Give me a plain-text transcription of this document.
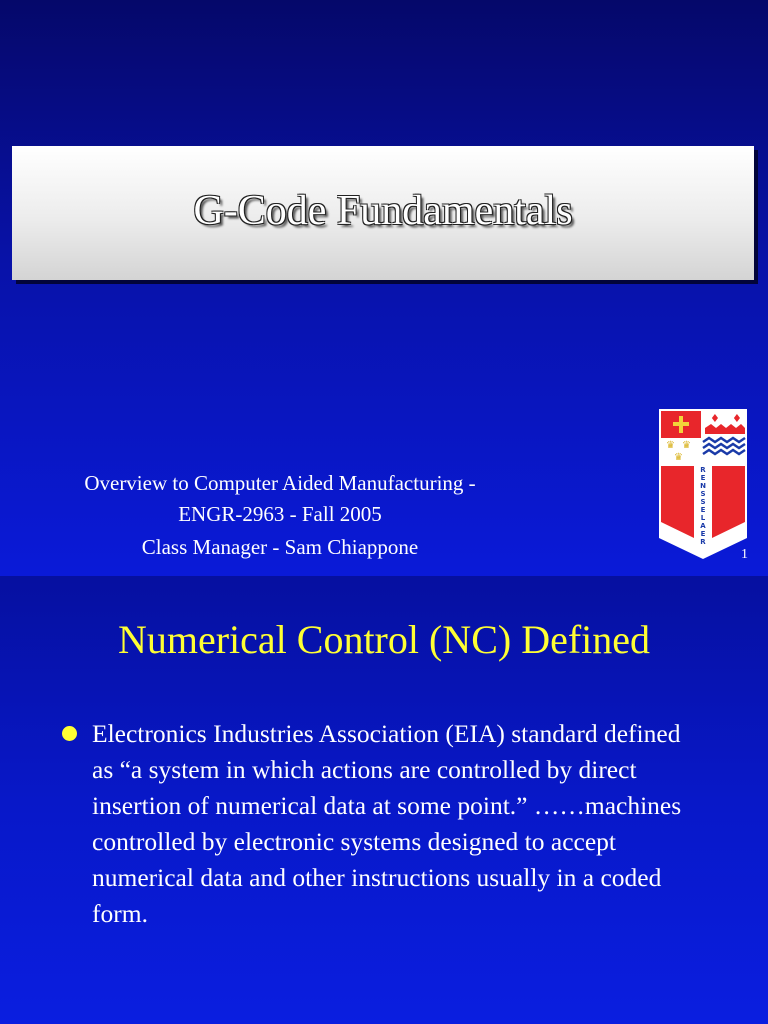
G-Code Fundamentals
Overview to Computer Aided Manufacturing -
ENGR-2963 - Fall 2005
Class Manager - Sam Chiappone
♦ ♦
♛ ♛
♛
R E N S S E L A E R
1
Numerical Control (NC) Defined
Electronics Industries Association (EIA) standard defined as “a system in which actions are controlled by direct insertion of numerical data at some point.” ……machines controlled by electronic systems designed to accept numerical data and other instructions usually in a coded form.
